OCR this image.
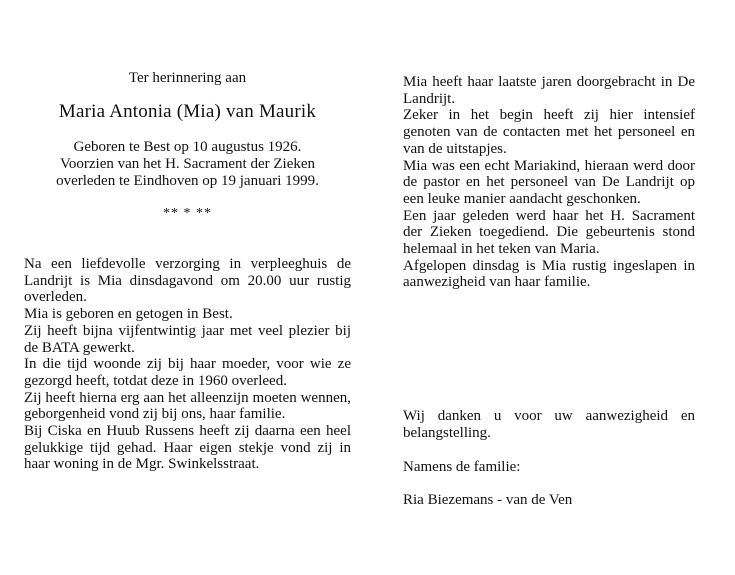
Ter herinnering aan
Maria Antonia (Mia) van Maurik
Geboren te Best op 10 augustus 1926.
Voorzien van het H. Sacrament der Zieken
overleden te Eindhoven op 19 januari 1999.
** * **

Na een liefdevolle verzorging in verpleeghuis de Landrijt is Mia dinsdagavond om 20.00 uur rustig overleden.

Mia is geboren en getogen in Best.

Zij heeft bijna vijfentwintig jaar met veel plezier bij de BATA gewerkt.

In die tijd woonde zij bij haar moeder, voor wie ze gezorgd heeft, totdat deze in 1960 overleed.

Zij heeft hierna erg aan het alleenzijn moeten wennen, geborgenheid vond zij bij ons, haar familie.

Bij Ciska en Huub Russens heeft zij daarna een heel gelukkige tijd gehad. Haar eigen stekje vond zij in haar woning in de Mgr. Swinkelsstraat.

Mia heeft haar laatste jaren doorgebracht in De Landrijt.

Zeker in het begin heeft zij hier intensief genoten van de contacten met het personeel en van de uitstapjes.

Mia was een echt Mariakind, hieraan werd door de pastor en het personeel van De Landrijt op een leuke manier aandacht geschonken.

Een jaar geleden werd haar het H. Sacrament der Zieken toegediend. Die gebeurtenis stond helemaal in het teken van Maria.

Afgelopen dinsdag is Mia rustig ingeslapen in aanwezigheid van haar familie.

Wij danken u voor uw aanwezigheid en belangstelling.
Namens de familie:
Ria Biezemans - van de Ven
